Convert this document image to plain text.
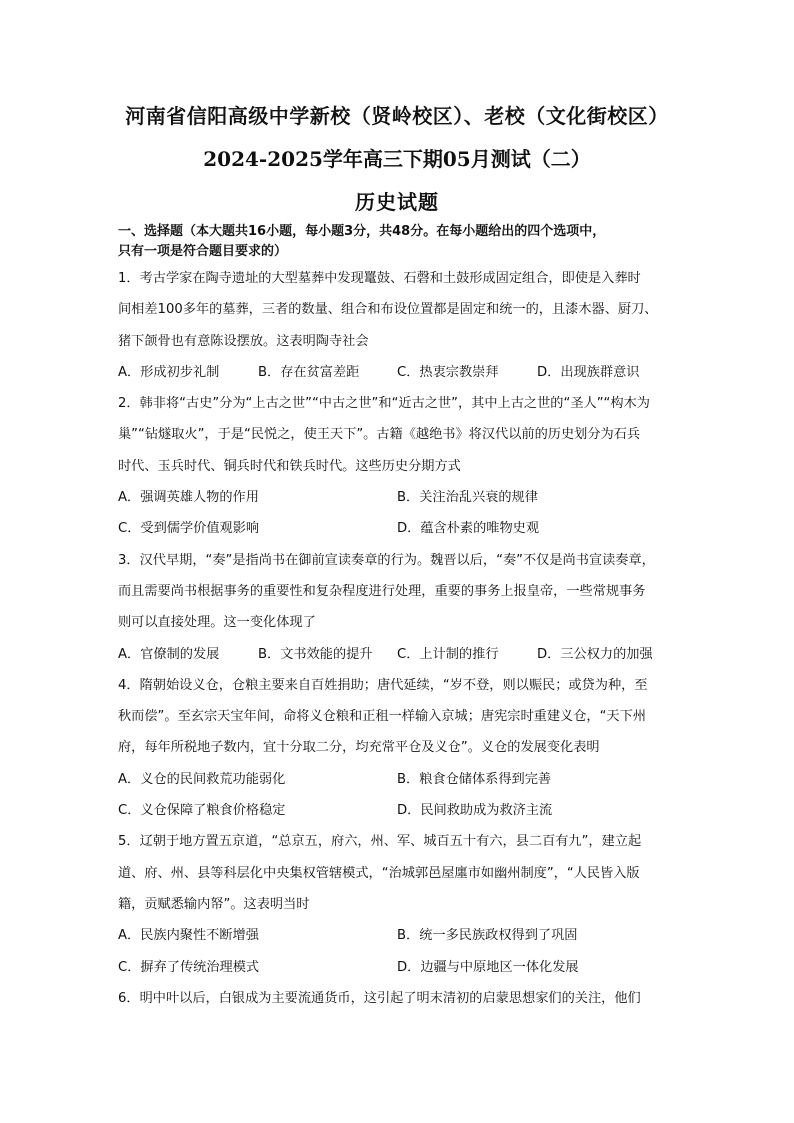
河南省信阳高级中学新校（贤岭校区）、老校（文化街校区）
2024-2025学年高三下期05月测试（二）
历史试题
一、选择题（本大题共16小题，每小题3分，共48分。在每小题给出的四个选项中，
只有一项是符合题目要求的）
1．考古学家在陶寺遗址的大型墓葬中发现鼍鼓、石磬和土鼓形成固定组合，即使是入葬时
间相差100多年的墓葬，三者的数量、组合和布设位置都是固定和统一的，且漆木器、厨刀、
猪下颌骨也有意陈设摆放。这表明陶寺社会
A．形成初步礼制	B．存在贫富差距	C．热衷宗教崇拜	D．出现族群意识
2．韩非将“古史”分为“上古之世”“中古之世”和“近古之世”，其中上古之世的“圣人”“构木为
巢”“钻燧取火”，于是“民悦之，使王天下”。古籍《越绝书》将汉代以前的历史划分为石兵
时代、玉兵时代、铜兵时代和铁兵时代。这些历史分期方式
A．强调英雄人物的作用	B．关注治乱兴衰的规律
C．受到儒学价值观影响	D．蕴含朴素的唯物史观
3．汉代早期，“奏”是指尚书在御前宣读奏章的行为。魏晋以后，“奏”不仅是尚书宣读奏章，
而且需要尚书根据事务的重要性和复杂程度进行处理，重要的事务上报皇帝，一些常规事务
则可以直接处理。这一变化体现了
A．官僚制的发展	B．文书效能的提升 C．上计制的推行	D．三公权力的加强
4．隋朝始设义仓，仓粮主要来自百姓捐助；唐代延续，“岁不登，则以赈民；或贷为种，至
秋而偿”。至玄宗天宝年间，命将义仓粮和正租一样输入京城；唐宪宗时重建义仓，“天下州
府，每年所税地子数内，宜十分取二分，均充常平仓及义仓”。义仓的发展变化表明
A．义仓的民间救荒功能弱化	B．粮食仓储体系得到完善
C．义仓保障了粮食价格稳定	D．民间救助成为救济主流
5．辽朝于地方置五京道，“总京五，府六，州、军、城百五十有六，县二百有九”，建立起
道、府、州、县等科层化中央集权管辖模式，“治城郭邑屋廛市如幽州制度”，“人民皆入版
籍，贡赋悉输内帑”。这表明当时
A．民族内聚性不断增强	B．统一多民族政权得到了巩固
C．摒弃了传统治理模式	D．边疆与中原地区一体化发展
6．明中叶以后，白银成为主要流通货币，这引起了明末清初的启蒙思想家们的关注，他们
